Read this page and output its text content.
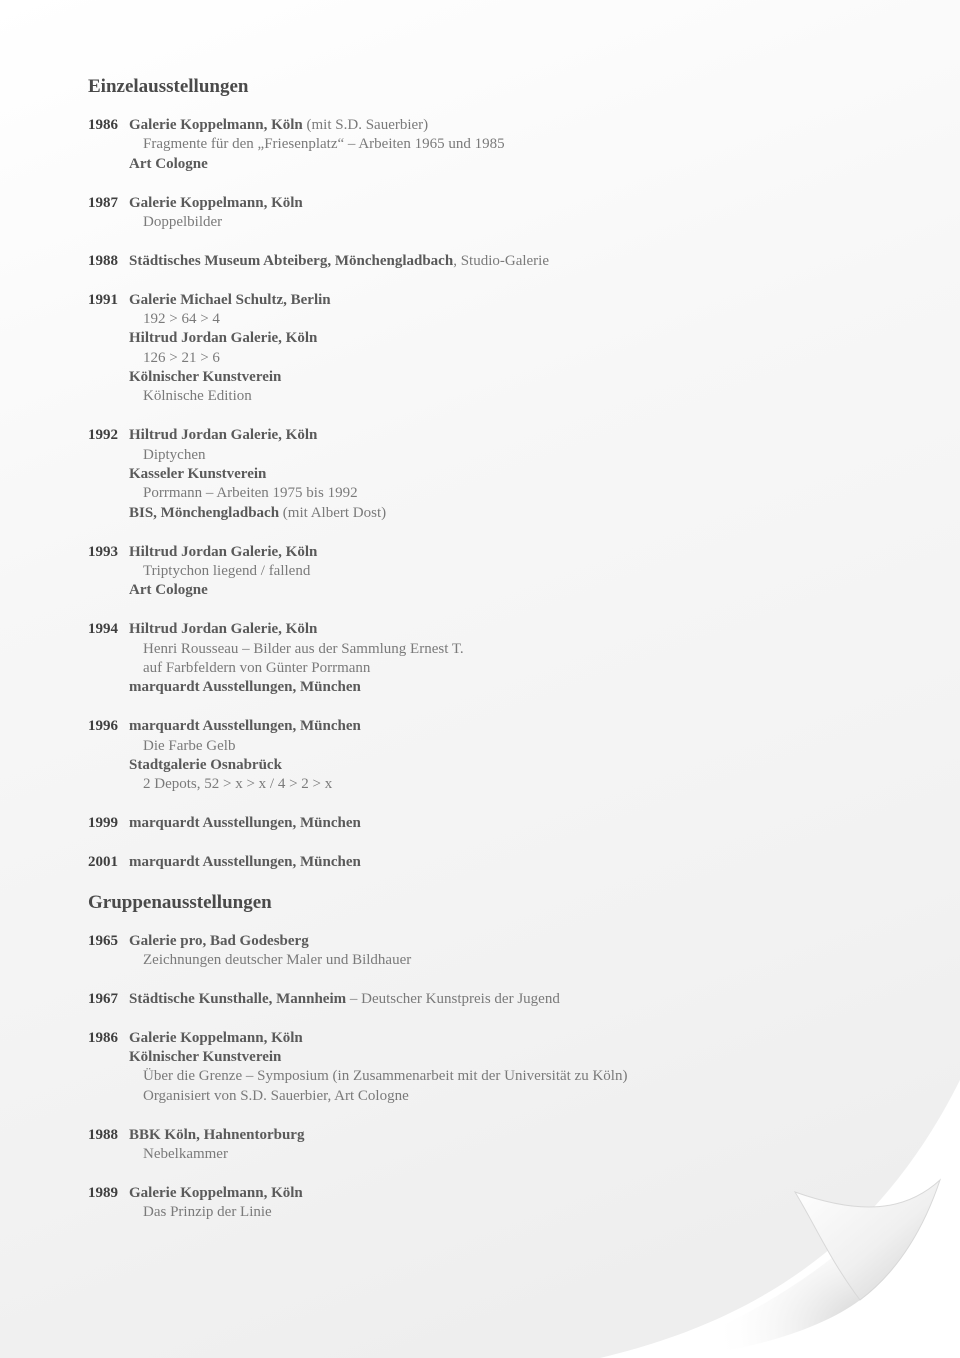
Einzelausstellungen
1986 Galerie Koppelmann, Köln (mit S.D. Sauerbier)
Fragmente für den „Friesenplatz“ – Arbeiten 1965 und 1985
Art Cologne
1987 Galerie Koppelmann, Köln
Doppelbilder
1988 Städtisches Museum Abteiberg, Mönchengladbach, Studio-Galerie
1991 Galerie Michael Schultz, Berlin
192 > 64 > 4
Hiltrud Jordan Galerie, Köln
126 > 21 > 6
Kölnischer Kunstverein
Kölnische Edition
1992 Hiltrud Jordan Galerie, Köln
Diptychen
Kasseler Kunstverein
Porrmann – Arbeiten 1975 bis 1992
BIS, Mönchengladbach (mit Albert Dost)
1993 Hiltrud Jordan Galerie, Köln
Triptychon liegend / fallend
Art Cologne
1994 Hiltrud Jordan Galerie, Köln
Henri Rousseau – Bilder aus der Sammlung Ernest T.
auf Farbfeldern von Günter Porrmann
marquardt Ausstellungen, München
1996 marquardt Ausstellungen, München
Die Farbe Gelb
Stadtgalerie Osnabrück
2 Depots, 52 > x > x / 4 > 2 > x
1999 marquardt Ausstellungen, München
2001 marquardt Ausstellungen, München
Gruppenausstellungen
1965 Galerie pro, Bad Godesberg
Zeichnungen deutscher Maler und Bildhauer
1967 Städtische Kunsthalle, Mannheim – Deutscher Kunstpreis der Jugend
1986 Galerie Koppelmann, Köln
Kölnischer Kunstverein
Über die Grenze – Symposium (in Zusammenarbeit mit der Universität zu Köln)
Organisiert von S.D. Sauerbier, Art Cologne
1988 BBK Köln, Hahnentorburg
Nebelkammer
1989 Galerie Koppelmann, Köln
Das Prinzip der Linie
